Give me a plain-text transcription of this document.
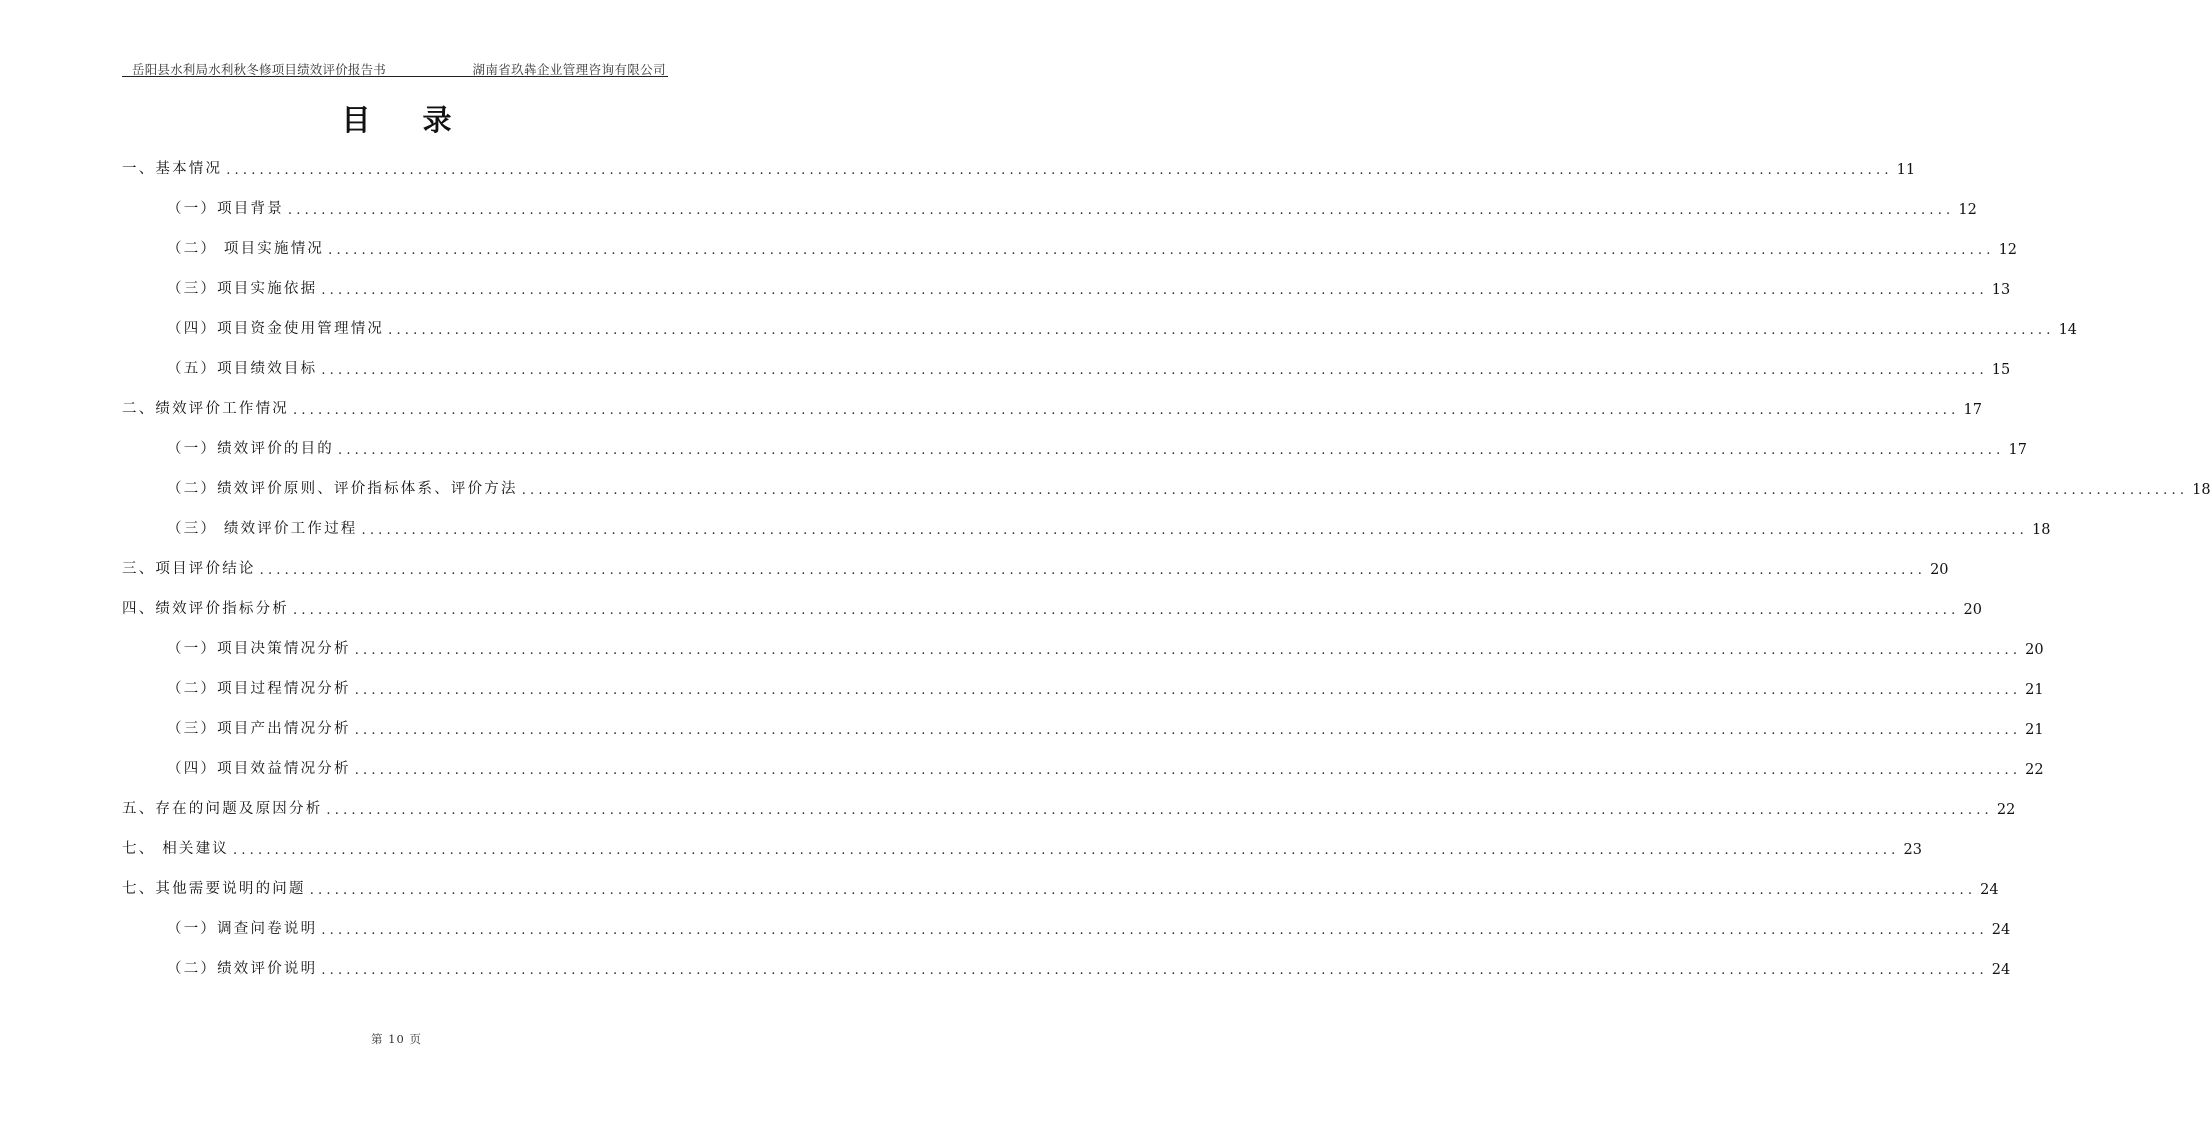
岳阳县水利局水利秋冬修项目绩效评价报告书	湖南省玖犇企业管理咨询有限公司
目录
一、基本情况 ........................................................................................................................................................................................................ 11
（一）项目背景 ........................................................................................................................................................................................................ 12
（二） 项目实施情况 ........................................................................................................................................................................................................ 12
（三）项目实施依据 ........................................................................................................................................................................................................ 13
（四）项目资金使用管理情况 ........................................................................................................................................................................................................ 14
（五）项目绩效目标 ........................................................................................................................................................................................................ 15
二、绩效评价工作情况 ........................................................................................................................................................................................................ 17
（一）绩效评价的目的 ........................................................................................................................................................................................................ 17
（二）绩效评价原则、评价指标体系、评价方法 ........................................................................................................................................................................................................ 18
（三） 绩效评价工作过程 ........................................................................................................................................................................................................ 18
三、项目评价结论 ........................................................................................................................................................................................................ 20
四、绩效评价指标分析 ........................................................................................................................................................................................................ 20
（一）项目决策情况分析 ........................................................................................................................................................................................................ 20
（二）项目过程情况分析 ........................................................................................................................................................................................................ 21
（三）项目产出情况分析 ........................................................................................................................................................................................................ 21
（四）项目效益情况分析 ........................................................................................................................................................................................................ 22
五、存在的问题及原因分析 ........................................................................................................................................................................................................ 22
七、 相关建议 ........................................................................................................................................................................................................ 23
七、其他需要说明的问题 ........................................................................................................................................................................................................ 24
（一）调查问卷说明 ........................................................................................................................................................................................................ 24
（二）绩效评价说明 ........................................................................................................................................................................................................ 24
第 10 页
